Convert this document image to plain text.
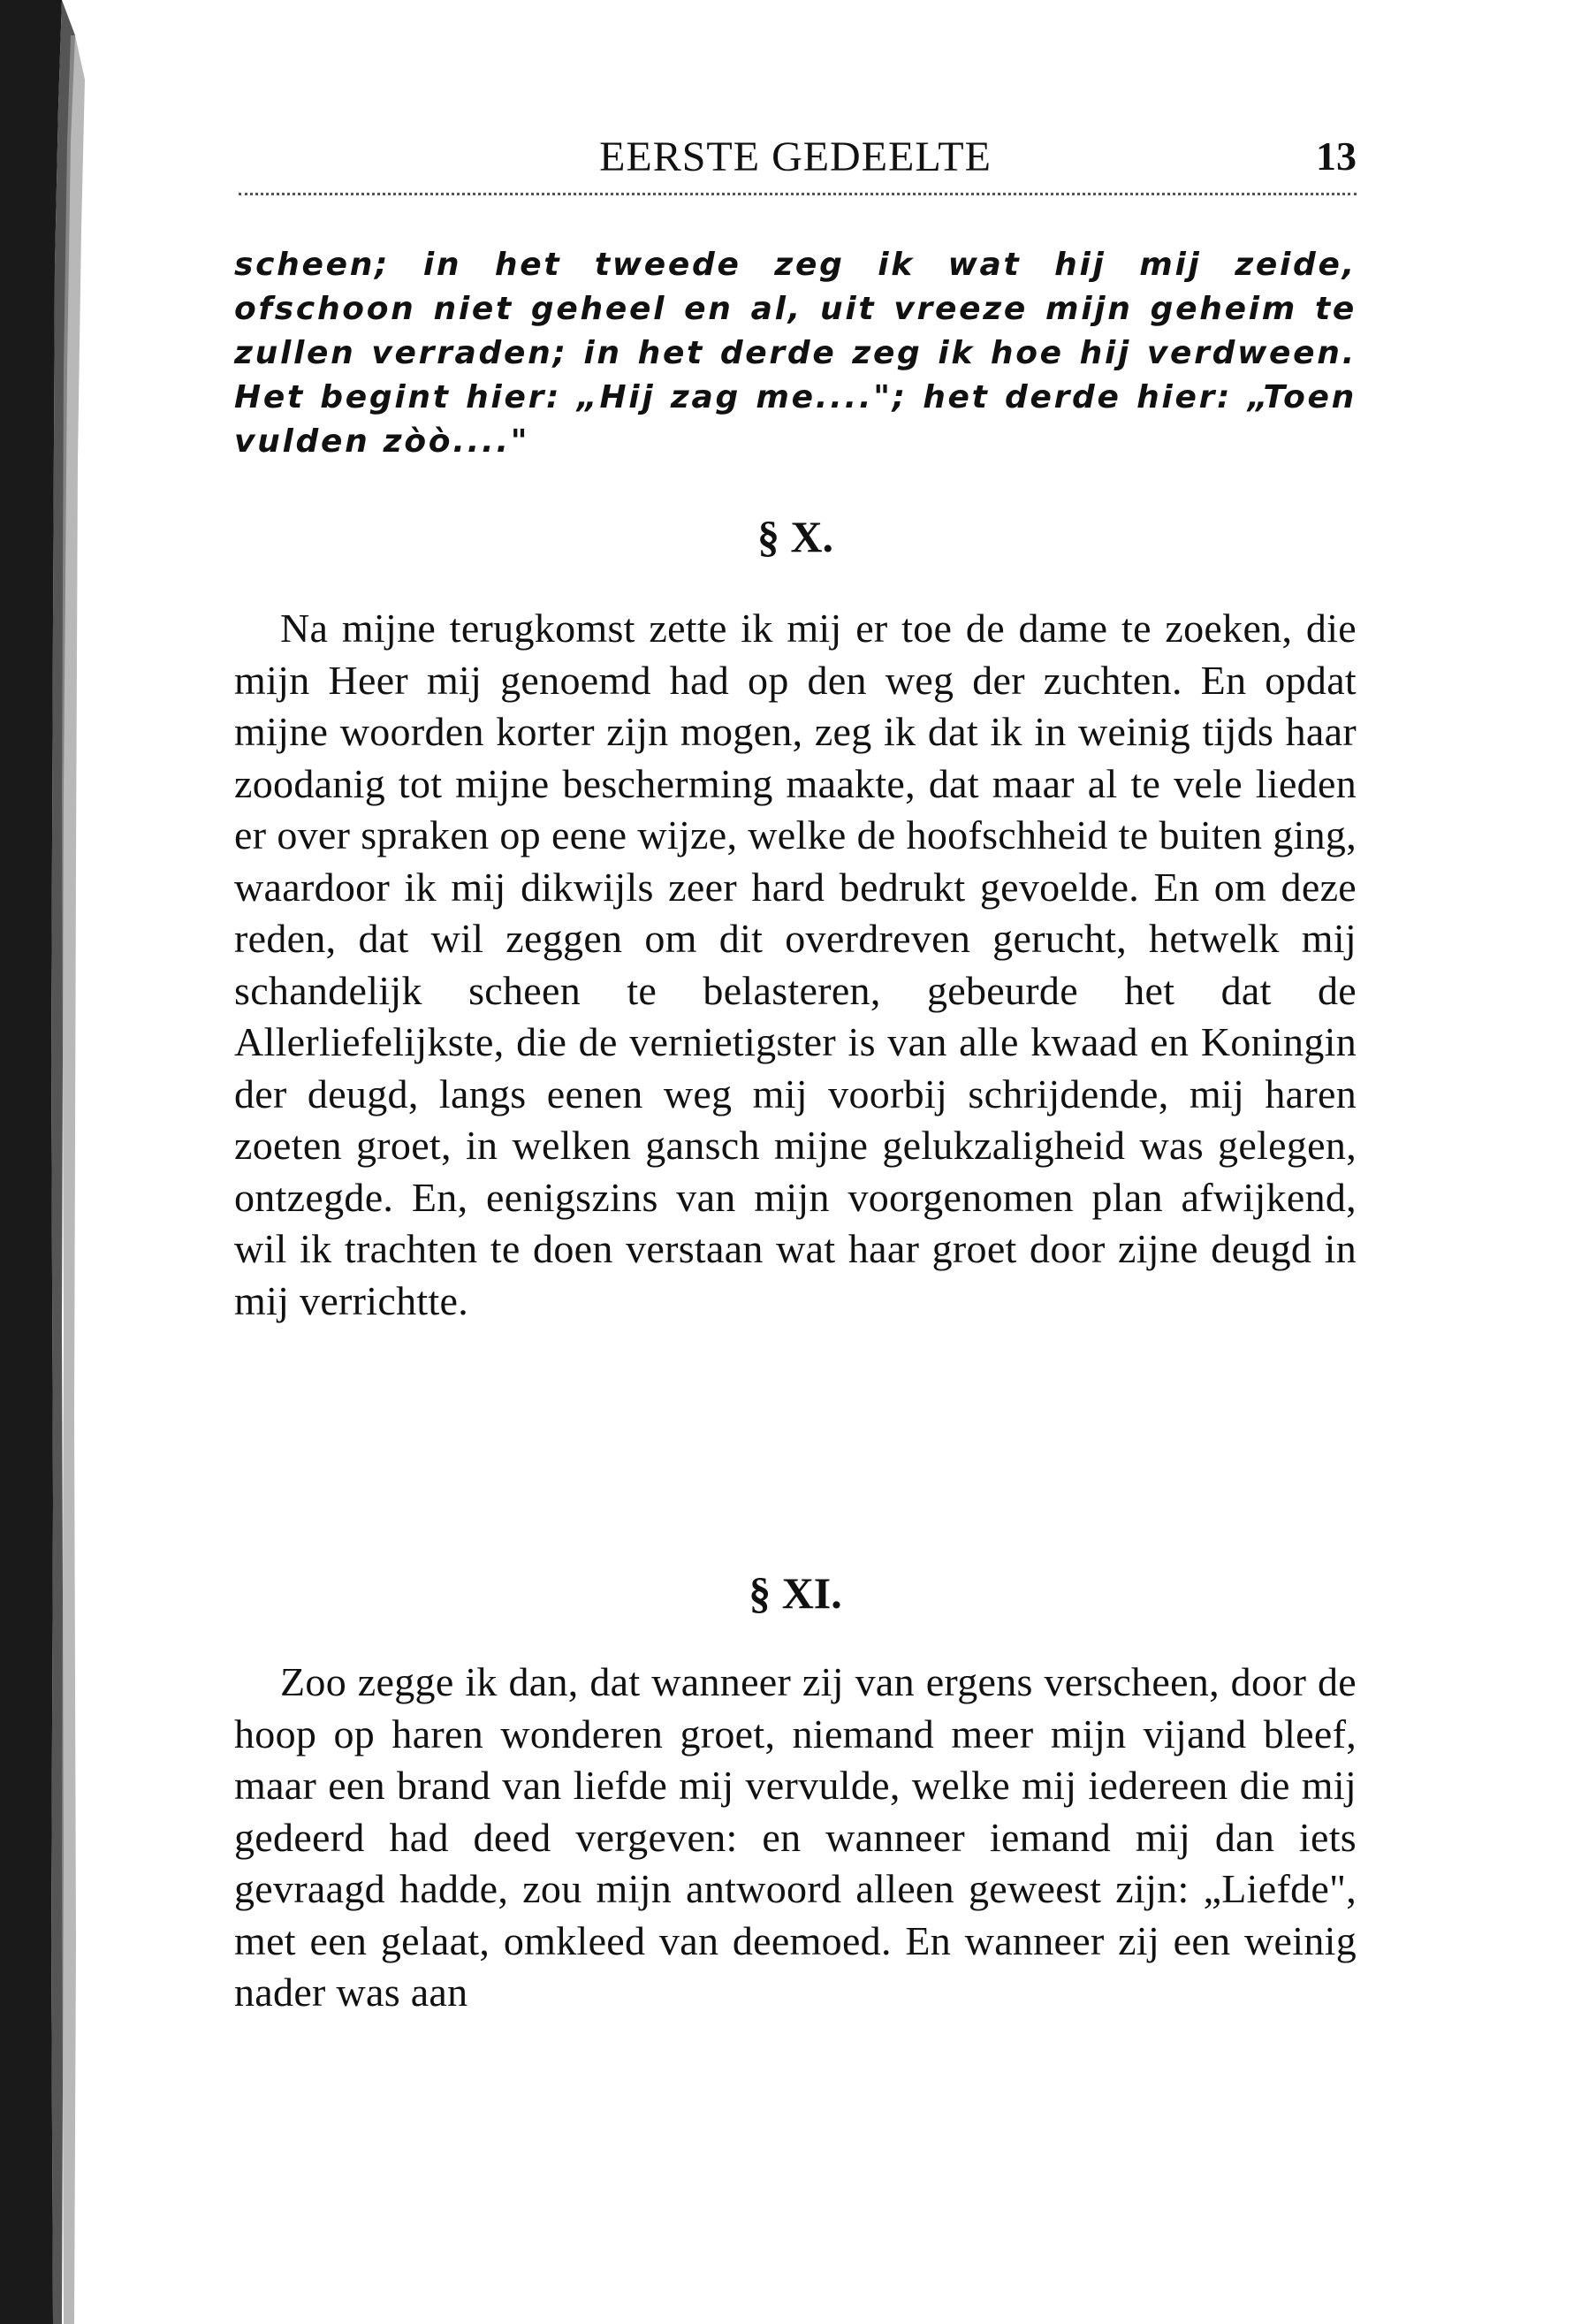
EERSTE GEDEELTE	13

scheen; in het tweede zeg ik wat hij mij zeide, ofschoon niet geheel en al, uit vreeze mijn geheim te zullen verraden; in het derde zeg ik hoe hij verdween. Het begint hier: „Hij zag me...."; het derde hier: „Toen vulden zòò...."

§ X.

Na mijne terugkomst zette ik mij er toe de dame te zoeken, die mijn Heer mij genoemd had op den weg der zuchten. En opdat mijne woorden korter zijn mogen, zeg ik dat ik in weinig tijds haar zoodanig tot mijne bescherming maakte, dat maar al te vele lieden er over spraken op eene wijze, welke de hoofschheid te buiten ging, waardoor ik mij dikwijls zeer hard bedrukt gevoelde. En om deze reden, dat wil zeggen om dit overdreven gerucht, hetwelk mij schandelijk scheen te belasteren, gebeurde het dat de Allerliefelijkste, die de vernietigster is van alle kwaad en Koningin der deugd, langs eenen weg mij voorbij schrijdende, mij haren zoeten groet, in welken gansch mijne gelukzaligheid was gelegen, ontzegde. En, eenigszins van mijn voorgenomen plan afwijkend, wil ik trachten te doen verstaan wat haar groet door zijne deugd in mij verrichtte.

§ XI.

Zoo zegge ik dan, dat wanneer zij van ergens verscheen, door de hoop op haren wonderen groet, niemand meer mijn vijand bleef, maar een brand van liefde mij vervulde, welke mij iedereen die mij gedeerd had deed vergeven: en wanneer iemand mij dan iets gevraagd hadde, zou mijn antwoord alleen geweest zijn: „Liefde", met een gelaat, omkleed van deemoed. En wanneer zij een weinig nader was aan
